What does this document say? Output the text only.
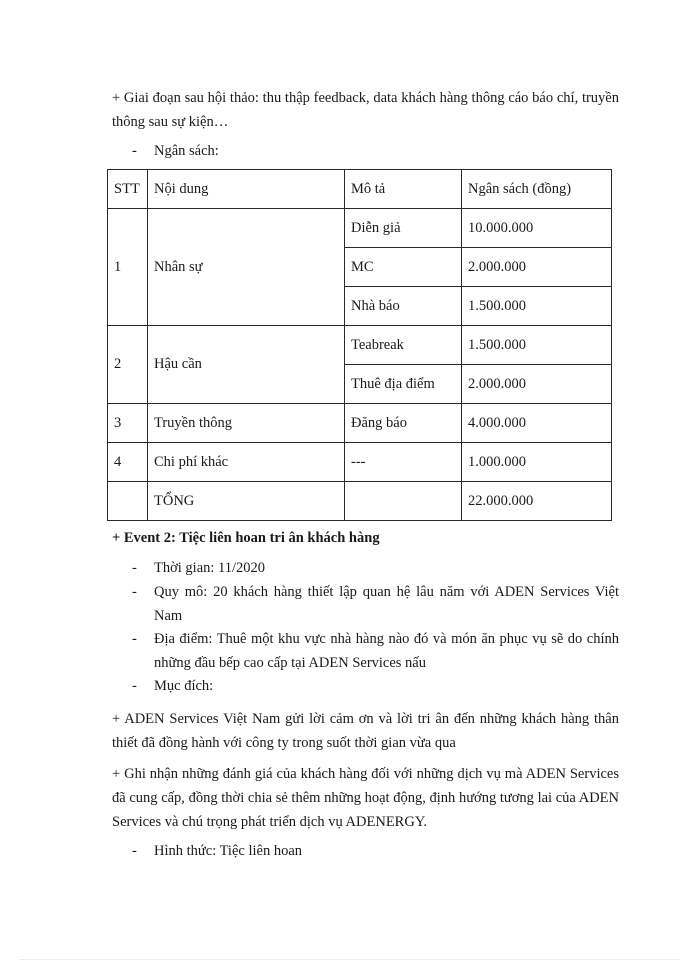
+ Giai đoạn sau hội thảo: thu thập feedback, data khách hàng thông cáo báo chí, truyền thông sau sự kiện…

-	Ngân sách:
STT	Nội dung	Mô tả	Ngân sách (đồng)
1	Nhân sự	Diễn giả	10.000.000
		MC	2.000.000
		Nhà báo	1.500.000
2	Hậu cần	Teabreak	1.500.000
		Thuê địa điểm	2.000.000
3	Truyền thông	Đăng báo	4.000.000
4	Chi phí khác	---	1.000.000
	TỔNG		22.000.000

+ Event 2: Tiệc liên hoan tri ân khách hàng

-	Thời gian: 11/2020
-	Quy mô: 20 khách hàng thiết lập quan hệ lâu năm với ADEN Services Việt Nam
-	Địa điểm: Thuê một khu vực nhà hàng nào đó và món ăn phục vụ sẽ do chính những đầu bếp cao cấp tại ADEN Services nấu
-	Mục đích:

+ ADEN Services Việt Nam gửi lời cảm ơn và lời tri ân đến những khách hàng thân thiết đã đồng hành với công ty trong suốt thời gian vừa qua

+ Ghi nhận những đánh giá của khách hàng đối với những dịch vụ mà ADEN Services đã cung cấp, đồng thời chia sẻ thêm những hoạt động, định hướng tương lai của ADEN Services và chú trọng phát triển dịch vụ ADENERGY.

-	Hình thức: Tiệc liên hoan
